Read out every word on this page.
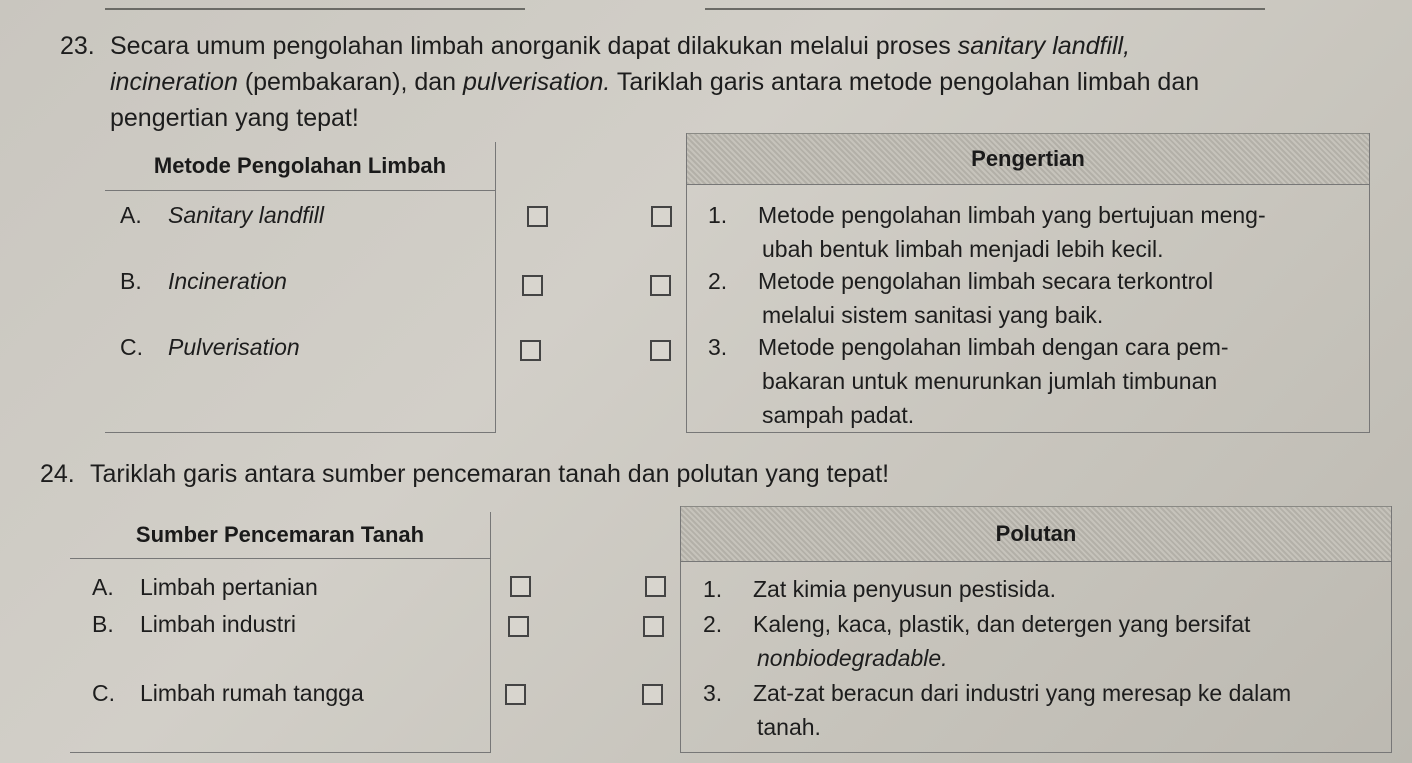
23. Secara umum pengolahan limbah anorganik dapat dilakukan melalui proses sanitary landfill,
incineration (pembakaran), dan pulverisation. Tariklah garis antara metode pengolahan limbah dan
pengertian yang tepat!
Metode Pengolahan Limbah
A. Sanitary landfill
B. Incineration
C. Pulverisation
Pengertian
1. Metode pengolahan limbah yang bertujuan meng-
ubah bentuk limbah menjadi lebih kecil.
2. Metode pengolahan limbah secara terkontrol
melalui sistem sanitasi yang baik.
3. Metode pengolahan limbah dengan cara pem-
bakaran untuk menurunkan jumlah timbunan
sampah padat.
24. Tariklah garis antara sumber pencemaran tanah dan polutan yang tepat!
Sumber Pencemaran Tanah
A. Limbah pertanian
B. Limbah industri
C. Limbah rumah tangga
Polutan
1. Zat kimia penyusun pestisida.
2. Kaleng, kaca, plastik, dan detergen yang bersifat
nonbiodegradable.
3. Zat-zat beracun dari industri yang meresap ke dalam
tanah.
